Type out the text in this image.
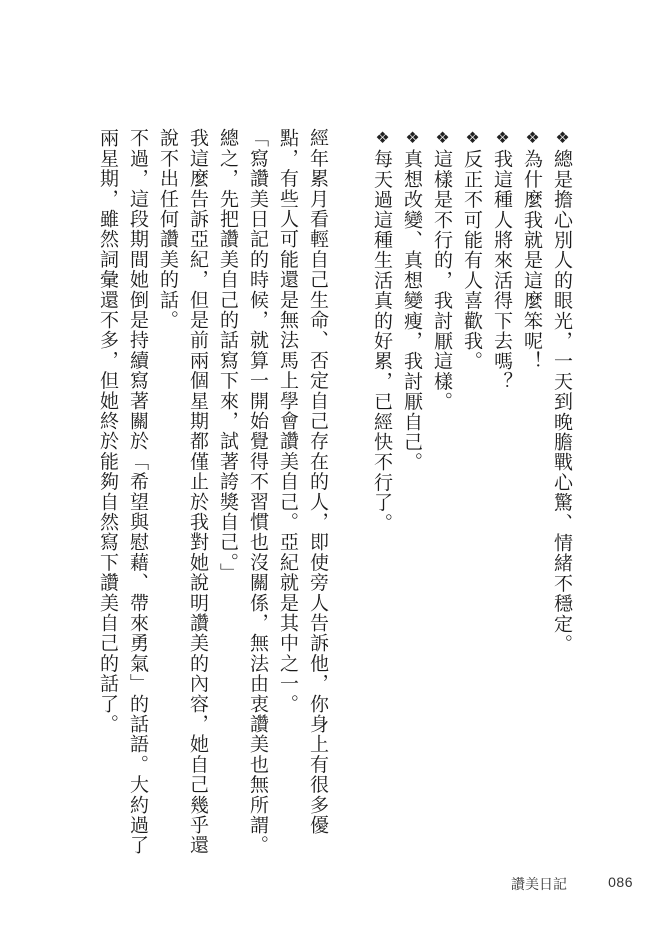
❖總是擔心別人的眼光，一天到晚膽戰心驚、情緒不穩定。
❖為什麼我就是這麼笨呢！
❖我這種人將來活得下去嗎？
❖反正不可能有人喜歡我。
❖這樣是不行的，我討厭這樣。
❖真想改變、真想變瘦，我討厭自己。
❖每天過這種生活真的好累，已經快不行了。
經年累月看輕自己生命、否定自己存在的人，即使旁人告訴他，你身上有很多優
點，有些人可能還是無法馬上學會讚美自己。亞紀就是其中之一。
「寫讚美日記的時候，就算一開始覺得不習慣也沒關係，無法由衷讚美也無所謂。
總之，先把讚美自己的話寫下來，試著誇獎自己。」
我這麼告訴亞紀，但是前兩個星期都僅止於我對她說明讚美的內容，她自己幾乎還
說不出任何讚美的話。
不過，這段期間她倒是持續寫著關於「希望與慰藉、帶來勇氣」的話語。大約過了
兩星期，雖然詞彙還不多，但她終於能夠自然寫下讚美自己的話了。
讚美日記	086
